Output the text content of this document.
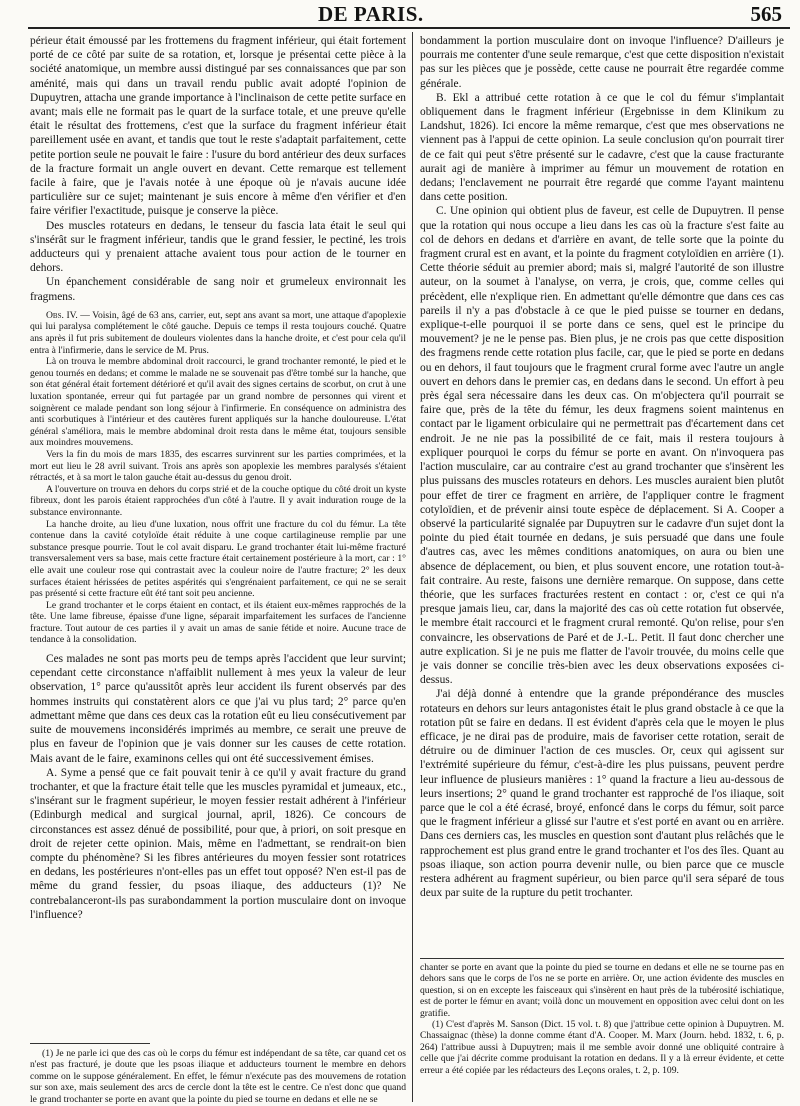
DE PARIS.	565

périeur était émoussé par les frottemens du fragment inférieur, qui était fortement porté de ce côté par suite de sa rotation, et, lorsque je présentai cette pièce à la société anatomique, un membre aussi distingué par ses connaissances que par son aménité, mais qui dans un travail rendu public avait adopté l'opinion de Dupuytren, attacha une grande importance à l'inclinaison de cette petite surface en avant; mais elle ne formait pas le quart de la surface totale, et une preuve qu'elle était le résultat des frottemens, c'est que la surface du fragment inférieur était pareillement usée en avant, et tandis que tout le reste s'adaptait parfaitement, cette petite portion seule ne pouvait le faire : l'usure du bord antérieur des deux surfaces de la fracture formait un angle ouvert en devant. Cette remarque est tellement facile à faire, que je l'avais notée à une époque où je n'avais aucune idée particulière sur ce sujet; maintenant je suis encore à même d'en vérifier et d'en faire vérifier l'exactitude, puisque je conserve la pièce.

Des muscles rotateurs en dedans, le tenseur du fascia lata était le seul qui s'insérât sur le fragment inférieur, tandis que le grand fessier, le pectiné, les trois adducteurs qui y prenaient attache avaient tous pour action de le tourner en dehors.

Un épanchement considérable de sang noir et grumeleux environnait les fragmens.

Obs. IV. — Voisin, âgé de 63 ans, carrier, eut, sept ans avant sa mort, une attaque d'apoplexie qui lui paralysa complétement le côté gauche. Depuis ce temps il resta toujours couché. Quatre ans après il fut pris subitement de douleurs violentes dans la hanche droite, et c'est pour cela qu'il entra à l'infirmerie, dans le service de M. Prus.

Là on trouva le membre abdominal droit raccourci, le grand trochanter remonté, le pied et le genou tournés en dedans; et comme le malade ne se souvenait pas d'être tombé sur la hanche, que son état général était fortement détérioré et qu'il avait des signes certains de scorbut, on crut à une luxation spontanée, erreur qui fut partagée par un grand nombre de personnes qui virent et soignèrent ce malade pendant son long séjour à l'infirmerie. En conséquence on administra des anti scorbutiques à l'intérieur et des cautères furent appliqués sur la hanche douloureuse. L'état général s'améliora, mais le membre abdominal droit resta dans le même état, toujours sensible aux moindres mouvemens.

Vers la fin du mois de mars 1835, des escarres survinrent sur les parties comprimées, et la mort eut lieu le 28 avril suivant. Trois ans après son apoplexie les membres paralysés s'étaient rétractés, et à sa mort le talon gauche était au-dessus du genou droit.

A l'ouverture on trouva en dehors du corps strié et de la couche optique du côté droit un kyste fibreux, dont les parois étaient rapprochées d'un côté à l'autre. Il y avait induration rouge de la substance environnante.

La hanche droite, au lieu d'une luxation, nous offrit une fracture du col du fémur. La tête contenue dans la cavité cotyloïde était réduite à une coque cartilagineuse remplie par une substance presque pourrie. Tout le col avait disparu. Le grand trochanter était lui-même fracturé transversalement vers sa base, mais cette fracture était certainement postérieure à la mort, car : 1° elle avait une couleur rose qui contrastait avec la couleur noire de l'autre fracture; 2° les deux surfaces étaient hérissées de petites aspérités qui s'engrénaient parfaitement, ce qui ne se serait pas présenté si cette fracture eût été tant soit peu ancienne.

Le grand trochanter et le corps étaient en contact, et ils étaient eux-mêmes rapprochés de la tête. Une lame fibreuse, épaisse d'une ligne, séparait imparfaitement les surfaces de l'ancienne fracture. Tout autour de ces parties il y avait un amas de sanie fétide et noire. Aucune trace de tendance à la consolidation.

Ces malades ne sont pas morts peu de temps après l'accident que leur survint; cependant cette circonstance n'affaiblit nullement à mes yeux la valeur de leur observation, 1° parce qu'aussitôt après leur accident ils furent observés par des hommes instruits qui constatèrent alors ce que j'ai vu plus tard; 2° parce qu'en admettant même que dans ces deux cas la rotation eût eu lieu consécutivement par suite de mouvemens inconsidérés imprimés au membre, ce serait une preuve de plus en faveur de l'opinion que je vais donner sur les causes de cette rotation. Mais avant de le faire, examinons celles qui ont été successivement émises.

A. Syme a pensé que ce fait pouvait tenir à ce qu'il y avait fracture du grand trochanter, et que la fracture était telle que les muscles pyramidal et jumeaux, etc., s'insérant sur le fragment supérieur, le moyen fessier restait adhérent à l'inférieur (Edinburgh medical and surgical journal, april, 1826). Ce concours de circonstances est assez dénué de possibilité, pour que, à priori, on soit presque en droit de rejeter cette opinion. Mais, même en l'admettant, se rendrait-on bien compte du phénomène? Si les fibres antérieures du moyen fessier sont rotatrices en dedans, les postérieures n'ont-elles pas un effet tout opposé? N'en est-il pas de même du grand fessier, du psoas iliaque, des adducteurs (1)? Ne contrebalanceront-ils pas surabondamment la portion musculaire dont on invoque l'influence?

bondamment la portion musculaire dont on invoque l'influence? D'ailleurs je pourrais me contenter d'une seule remarque, c'est que cette disposition n'existait pas sur les pièces que je possède, cette cause ne pourrait être regardée comme générale.

B. Ekl a attribué cette rotation à ce que le col du fémur s'implantait obliquement dans le fragment inférieur (Ergebnisse in dem Klinikum zu Landshut, 1826). Ici encore la même remarque, c'est que mes observations ne viennent pas à l'appui de cette opinion. La seule conclusion qu'on pourrait tirer de ce fait qui peut s'être présenté sur le cadavre, c'est que la cause fracturante aurait agi de manière à imprimer au fémur un mouvement de rotation en dedans; l'enclavement ne pourrait être regardé que comme l'ayant maintenu dans cette position.

C. Une opinion qui obtient plus de faveur, est celle de Dupuytren. Il pense que la rotation qui nous occupe a lieu dans les cas où la fracture s'est faite au col de dehors en dedans et d'arrière en avant, de telle sorte que la pointe du fragment crural est en avant, et la pointe du fragment cotyloïdien en arrière (1). Cette théorie séduit au premier abord; mais si, malgré l'autorité de son illustre auteur, on la soumet à l'analyse, on verra, je crois, que, comme celles qui précèdent, elle n'explique rien. En admettant qu'elle démontre que dans ces cas pareils il n'y a pas d'obstacle à ce que le pied puisse se tourner en dedans, explique-t-elle pourquoi il se porte dans ce sens, quel est le principe du mouvement? je ne le pense pas. Bien plus, je ne crois pas que cette disposition des fragmens rende cette rotation plus facile, car, que le pied se porte en dedans ou en dehors, il faut toujours que le fragment crural forme avec l'autre un angle ouvert en dehors dans le premier cas, en dedans dans le second. Un effort à peu près égal sera nécessaire dans les deux cas. On m'objectera qu'il pourrait se faire que, près de la tête du fémur, les deux fragmens soient maintenus en contact par le ligament orbiculaire qui ne permettrait pas d'écartement dans cet endroit. Je ne nie pas la possibilité de ce fait, mais il restera toujours à expliquer pourquoi le corps du fémur se porte en avant. On n'invoquera pas l'action musculaire, car au contraire c'est au grand trochanter que s'insèrent les plus puissans des muscles rotateurs en dehors. Les muscles auraient bien plutôt pour effet de tirer ce fragment en arrière, de l'appliquer contre le fragment cotyloïdien, et de prévenir ainsi toute espèce de déplacement. Si A. Cooper a observé la particularité signalée par Dupuytren sur le cadavre d'un sujet dont la pointe du pied était tournée en dedans, je suis persuadé que dans une foule d'autres cas, avec les mêmes conditions anatomiques, on aura ou bien une absence de déplacement, ou bien, et plus souvent encore, une rotation tout-à-fait contraire. Au reste, faisons une dernière remarque. On suppose, dans cette théorie, que les surfaces fracturées restent en contact : or, c'est ce qui n'a presque jamais lieu, car, dans la majorité des cas où cette rotation fut observée, le membre était raccourci et le fragment crural remonté. Qu'on relise, pour s'en convaincre, les observations de Paré et de J.-L. Petit. Il faut donc chercher une autre explication. Si je ne puis me flatter de l'avoir trouvée, du moins celle que je vais donner se concilie très-bien avec les deux observations exposées ci-dessus.

J'ai déjà donné à entendre que la grande prépondérance des muscles rotateurs en dehors sur leurs antagonistes était le plus grand obstacle à ce que la rotation pût se faire en dedans. Il est évident d'après cela que le moyen le plus efficace, je ne dirai pas de produire, mais de favoriser cette rotation, serait de détruire ou de diminuer l'action de ces muscles. Or, ceux qui agissent sur l'extrémité supérieure du fémur, c'est-à-dire les plus puissans, peuvent perdre leur influence de plusieurs manières : 1° quand la fracture a lieu au-dessous de leurs insertions; 2° quand le grand trochanter est rapproché de l'os iliaque, soit parce que le col a été écrasé, broyé, enfoncé dans le corps du fémur, soit parce que le fragment inférieur a glissé sur l'autre et s'est porté en avant ou en arrière. Dans ces derniers cas, les muscles en question sont d'autant plus relâchés que le rapprochement est plus grand entre le grand trochanter et l'os des îles. Quant au psoas iliaque, son action pourra devenir nulle, ou bien parce que ce muscle restera adhérent au fragment supérieur, ou bien parce qu'il sera séparé de tous deux par suite de la rupture du petit trochanter.

chanter se porte en avant que la pointe du pied se tourne en dedans et elle ne se tourne pas en dehors sans que le corps de l'os ne se porte en arrière. Or, une action évidente des muscles en question, si on en excepte les faisceaux qui s'insèrent en haut près de la tubérosité ischiatique, est de porter le fémur en avant; voilà donc un mouvement en opposition avec celui dont on les gratifie.

(1) C'est d'après M. Sanson (Dict. 15 vol. t. 8) que j'attribue cette opinion à Dupuytren. M. Chassaignac (thèse) la donne comme étant d'A. Cooper. M. Marx (Journ. hebd. 1832, t. 6, p. 264) l'attribue aussi à Dupuytren; mais il me semble avoir donné une obliquité contraire à celle que j'ai décrite comme produisant la rotation en dedans. Il y a là erreur évidente, et cette erreur a été copiée par les rédacteurs des Leçons orales, t. 2, p. 109.

(1) Je ne parle ici que des cas où le corps du fémur est indépendant de sa tête, car quand cet os n'est pas fracturé, je doute que les psoas iliaque et adducteurs tournent le membre en dehors comme on le suppose généralement. En effet, le fémur n'exécute pas des mouvemens de rotation sur son axe, mais seulement des arcs de cercle dont la tête est le centre. Ce n'est donc que quand le grand trochanter se porte en avant que la pointe du pied se tourne en dedans et elle ne se
